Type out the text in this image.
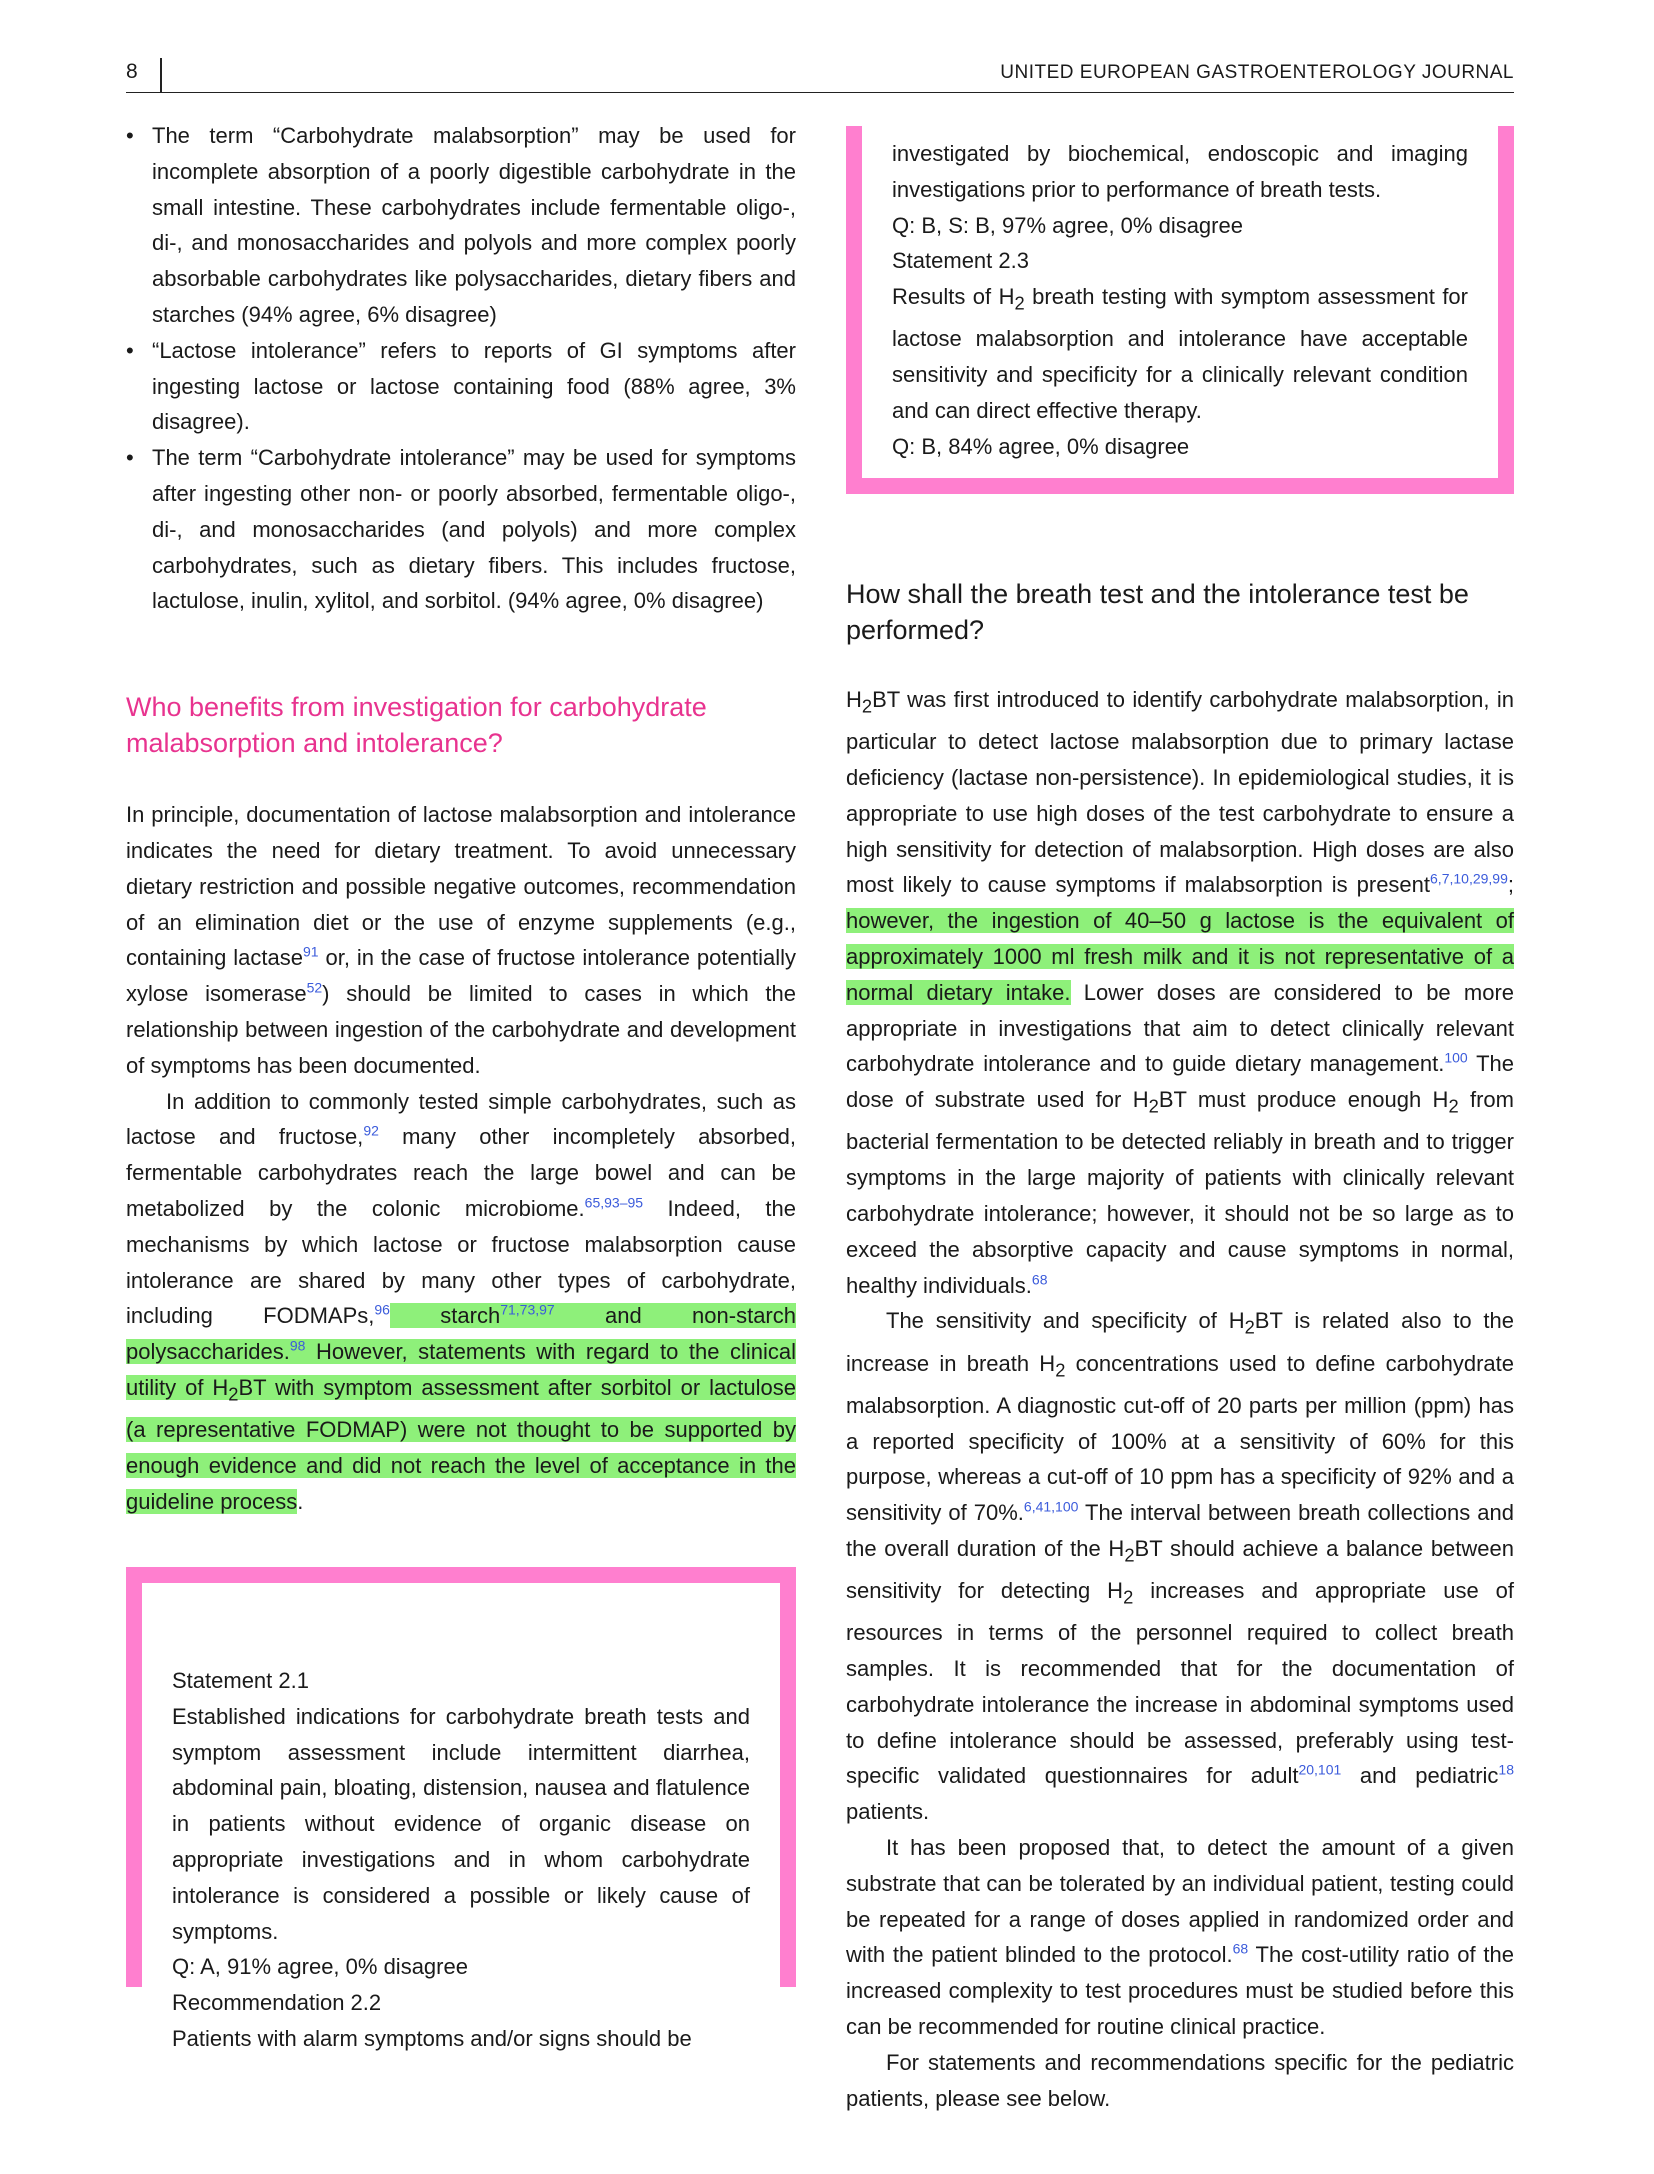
8	UNITED EUROPEAN GASTROENTEROLOGY JOURNAL
• The term “Carbohydrate malabsorption” may be used for incomplete absorption of a poorly digestible carbohydrate in the small intestine. These carbohydrates include fermentable oligo-, di-, and monosaccharides and polyols and more complex poorly absorbable carbohydrates like polysaccharides, dietary fibers and starches (94% agree, 6% disagree)
• “Lactose intolerance” refers to reports of GI symptoms after ingesting lactose or lactose containing food (88% agree, 3% disagree).
• The term “Carbohydrate intolerance” may be used for symptoms after ingesting other non- or poorly absorbed, fermentable oligo-, di-, and monosaccharides (and polyols) and more complex carbohydrates, such as dietary fibers. This includes fructose, lactulose, inulin, xylitol, and sorbitol. (94% agree, 0% disagree)
Who benefits from investigation for carbohydrate malabsorption and intolerance?

In principle, documentation of lactose malabsorption and intolerance indicates the need for dietary treatment. To avoid unnecessary dietary restriction and possible negative outcomes, recommendation of an elimination diet or the use of enzyme supplements (e.g., containing lactase$^{91}$ or, in the case of fructose intolerance potentially xylose isomerase$^{52}$) should be limited to cases in which the relationship between ingestion of the carbohydrate and development of symptoms has been documented.

In addition to commonly tested simple carbohydrates, such as lactose and fructose,$^{92}$ many other incompletely absorbed, fermentable carbohydrates reach the large bowel and can be metabolized by the colonic microbiome.$^{65,93-95}$ Indeed, the mechanisms by which lactose or fructose malabsorption cause intolerance are shared by many other types of carbohydrate, including FODMAPs,$^{96}$ starch$^{71,73,97}$ and non-starch polysaccharides.$^{98}$ However, statements with regard to the clinical utility of $H_2BT$ with symptom assessment after sorbitol or lactulose (a representative FODMAP) were not thought to be supported by enough evidence and did not reach the level of acceptance in the guideline process.

Statement 2.1

Established indications for carbohydrate breath tests and symptom assessment include intermittent diarrhea, abdominal pain, bloating, distension, nausea and flatulence in patients without evidence of organic disease on appropriate investigations and in whom carbohydrate intolerance is considered a possible or likely cause of symptoms.

Q: A, 91% agree, 0% disagree

Recommendation 2.2

Patients with alarm symptoms and/or signs should be

investigated by biochemical, endoscopic and imaging investigations prior to performance of breath tests.

Q: B, S: B, 97% agree, 0% disagree

Statement 2.3

Results of $H_2$ breath testing with symptom assessment for lactose malabsorption and intolerance have acceptable sensitivity and specificity for a clinically relevant condition and can direct effective therapy.

Q: B, 84% agree, 0% disagree

How shall the breath test and the intolerance test be performed?

$H_2BT$ was first introduced to identify carbohydrate malabsorption, in particular to detect lactose malabsorption due to primary lactase deficiency (lactase non-persistence). In epidemiological studies, it is appropriate to use high doses of the test carbohydrate to ensure a high sensitivity for detection of malabsorption. High doses are also most likely to cause symptoms if malabsorption is present$^{6,7,10,29,99}$; however, the ingestion of 40–50 g lactose is the equivalent of approximately 1000 ml fresh milk and it is not representative of a normal dietary intake. Lower doses are considered to be more appropriate in investigations that aim to detect clinically relevant carbohydrate intolerance and to guide dietary management.$^{100}$ The dose of substrate used for $H_2BT$ must produce enough $H_2$ from bacterial fermentation to be detected reliably in breath and to trigger symptoms in the large majority of patients with clinically relevant carbohydrate intolerance; however, it should not be so large as to exceed the absorptive capacity and cause symptoms in normal, healthy individuals.$^{68}$

The sensitivity and specificity of $H_2BT$ is related also to the increase in breath $H_2$ concentrations used to define carbohydrate malabsorption. A diagnostic cut-off of 20 parts per million (ppm) has a reported specificity of 100% at a sensitivity of 60% for this purpose, whereas a cut-off of 10 ppm has a specificity of 92% and a sensitivity of 70%.$^{6,41,100}$ The interval between breath collections and the overall duration of the $H_2BT$ should achieve a balance between sensitivity for detecting $H_2$ increases and appropriate use of resources in terms of the personnel required to collect breath samples. It is recommended that for the documentation of carbohydrate intolerance the increase in abdominal symptoms used to define intolerance should be assessed, preferably using test-specific validated questionnaires for adult$^{20,101}$ and pediatric$^{18}$ patients.

It has been proposed that, to detect the amount of a given substrate that can be tolerated by an individual patient, testing could be repeated for a range of doses applied in randomized order and with the patient blinded to the protocol.$^{68}$ The cost-utility ratio of the increased complexity to test procedures must be studied before this can be recommended for routine clinical practice.

For statements and recommendations specific for the pediatric patients, please see below.
